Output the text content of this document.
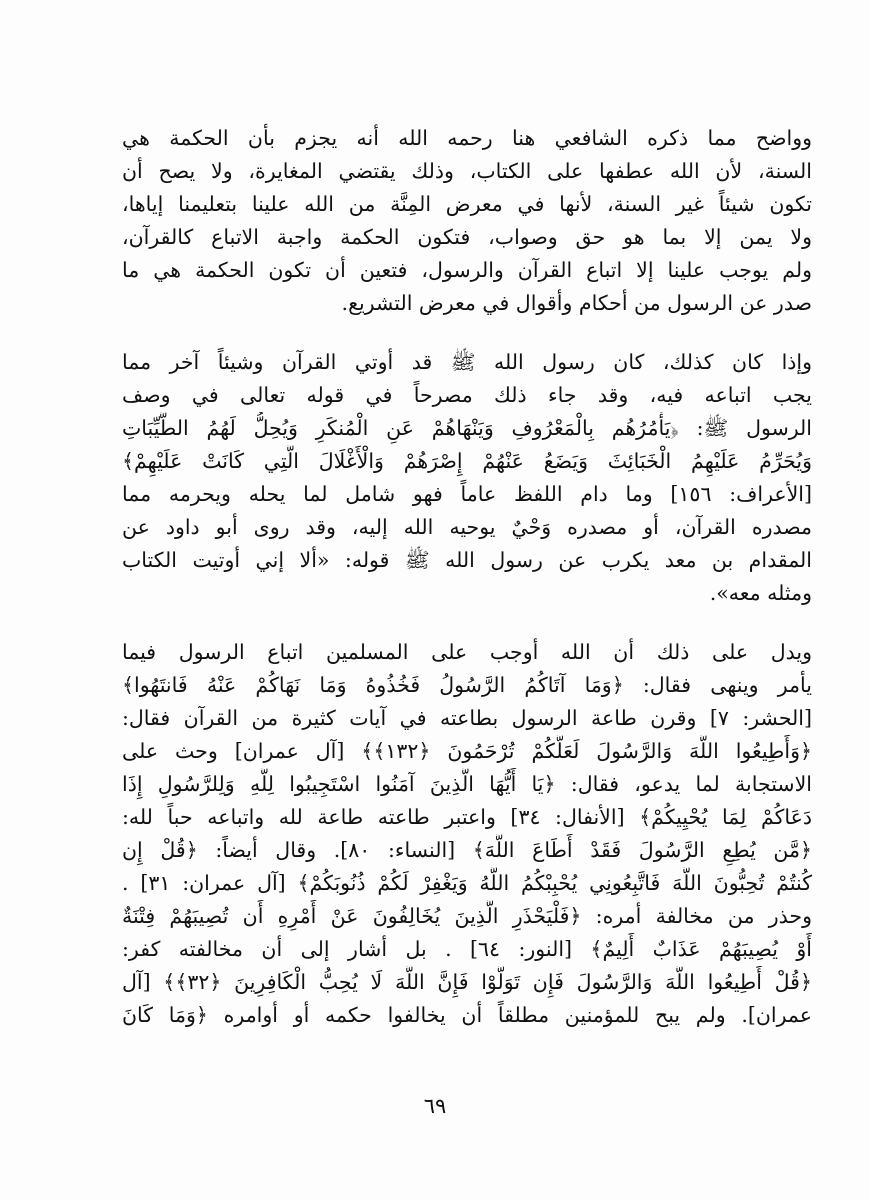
وواضح مما ذكره الشافعي هنا رحمه الله أنه يجزم بأن الحكمة هي
السنة، لأن الله عطفها على الكتاب، وذلك يقتضي المغايرة، ولا يصح أن
تكون شيئاً غير السنة، لأنها في معرض المِنَّة من الله علينا بتعليمنا إياها،
ولا يمن إلا بما هو حق وصواب، فتكون الحكمة واجبة الاتباع كالقرآن،
ولم يوجب علينا إلا اتباع القرآن والرسول، فتعين أن تكون الحكمة هي ما
صدر عن الرسول من أحكام وأقوال في معرض التشريع.
وإذا كان كذلك، كان رسول الله ﷺ قد أوتي القرآن وشيئاً آخر مما
يجب اتباعه فيه، وقد جاء ذلك مصرحاً في قوله تعالى في وصف
الرسول ﷺ: ﴿يَأْمُرُهُم بِالْمَعْرُوفِ وَيَنْهَاهُمْ عَنِ الْمُنكَرِ وَيُحِلُّ لَهُمُ الطَّيِّبَاتِ
وَيُحَرِّمُ عَلَيْهِمُ الْخَبَائِثَ وَيَضَعُ عَنْهُمْ إِصْرَهُمْ وَالْأَغْلَالَ الَّتِي كَانَتْ عَلَيْهِمْ﴾
[الأعراف: ١٥٦] وما دام اللفظ عاماً فهو شامل لما يحله ويحرمه مما
مصدره القرآن، أو مصدره وَحْيٌ يوحيه الله إليه، وقد روى أبو داود عن
المقدام بن معد يكرب عن رسول الله ﷺ قوله: «ألا إني أوتيت الكتاب
ومثله معه».
ويدل على ذلك أن الله أوجب على المسلمين اتباع الرسول فيما
يأمر وينهى فقال: ﴿وَمَا آتَاكُمُ الرَّسُولُ فَخُذُوهُ وَمَا نَهَاكُمْ عَنْهُ فَانتَهُوا﴾
[الحشر: ٧] وقرن طاعة الرسول بطاعته في آيات كثيرة من القرآن فقال:
﴿وَأَطِيعُوا اللَّهَ وَالرَّسُولَ لَعَلَّكُمْ تُرْحَمُونَ ﴿١٣٢﴾﴾ [آل عمران] وحث على
الاستجابة لما يدعو، فقال: ﴿يَا أَيُّهَا الَّذِينَ آمَنُوا اسْتَجِيبُوا لِلَّهِ وَلِلرَّسُولِ إِذَا
دَعَاكُمْ لِمَا يُحْيِيكُمْ﴾ [الأنفال: ٣٤] واعتبر طاعته طاعة لله واتباعه حباً لله:
﴿مَّن يُطِعِ الرَّسُولَ فَقَدْ أَطَاعَ اللَّهَ﴾ [النساء: ٨٠]. وقال أيضاً: ﴿قُلْ إِن
كُنتُمْ تُحِبُّونَ اللَّهَ فَاتَّبِعُونِي يُحْبِبْكُمُ اللَّهُ وَيَغْفِرْ لَكُمْ ذُنُوبَكُمْ﴾ [آل عمران: ٣١] .
وحذر من مخالفة أمره: ﴿فَلْيَحْذَرِ الَّذِينَ يُخَالِفُونَ عَنْ أَمْرِهِ أَن تُصِيبَهُمْ فِتْنَةٌ
أَوْ يُصِيبَهُمْ عَذَابٌ أَلِيمٌ﴾ [النور: ٦٤] . بل أشار إلى أن مخالفته كفر:
﴿قُلْ أَطِيعُوا اللَّهَ وَالرَّسُولَ فَإِن تَوَلَّوْا فَإِنَّ اللَّهَ لَا يُحِبُّ الْكَافِرِينَ ﴿٣٢﴾﴾ [آل
عمران]. ولم يبح للمؤمنين مطلقاً أن يخالفوا حكمه أو أوامره ﴿وَمَا كَانَ
٦٩
